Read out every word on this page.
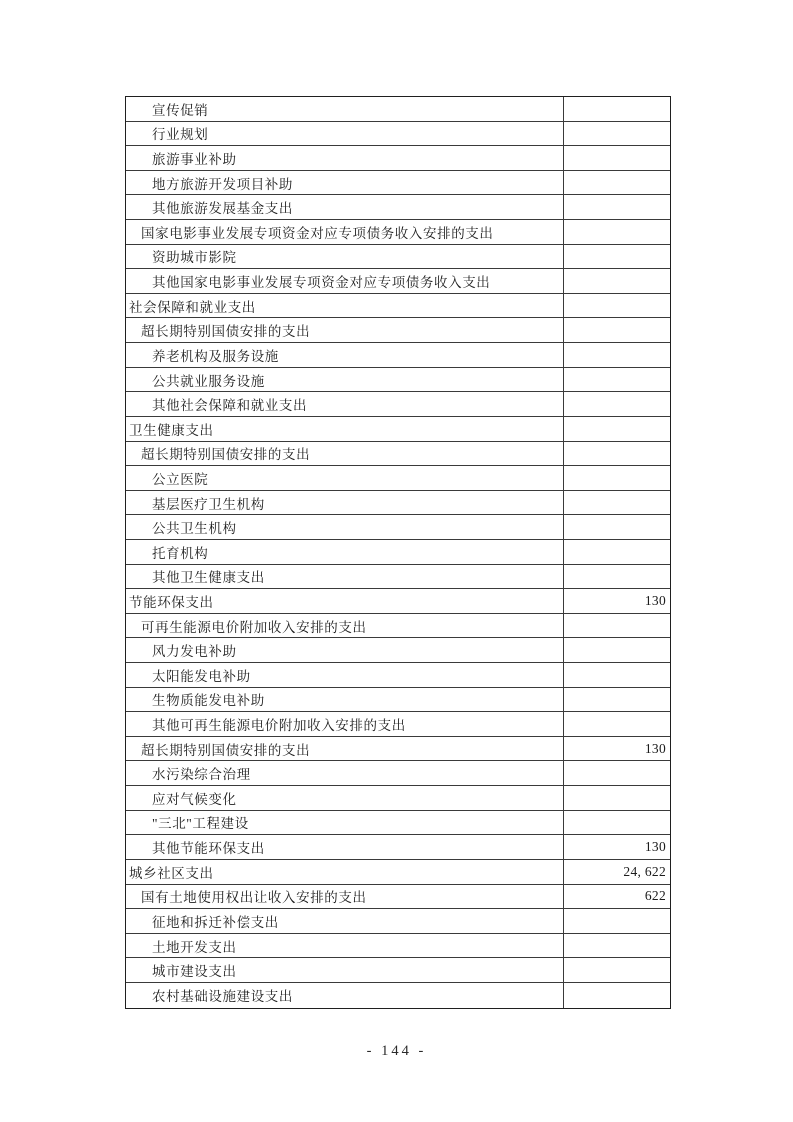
宣传促销
行业规划
旅游事业补助
地方旅游开发项目补助
其他旅游发展基金支出
国家电影事业发展专项资金对应专项债务收入安排的支出
资助城市影院
其他国家电影事业发展专项资金对应专项债务收入支出
社会保障和就业支出
超长期特别国债安排的支出
养老机构及服务设施
公共就业服务设施
其他社会保障和就业支出
卫生健康支出
超长期特别国债安排的支出
公立医院
基层医疗卫生机构
公共卫生机构
托育机构
其他卫生健康支出
节能环保支出	130
可再生能源电价附加收入安排的支出
风力发电补助
太阳能发电补助
生物质能发电补助
其他可再生能源电价附加收入安排的支出
超长期特别国债安排的支出	130
水污染综合治理
应对气候变化
"三北"工程建设
其他节能环保支出	130
城乡社区支出	24, 622
国有土地使用权出让收入安排的支出	622
征地和拆迁补偿支出
土地开发支出
城市建设支出
农村基础设施建设支出
- 144 -
